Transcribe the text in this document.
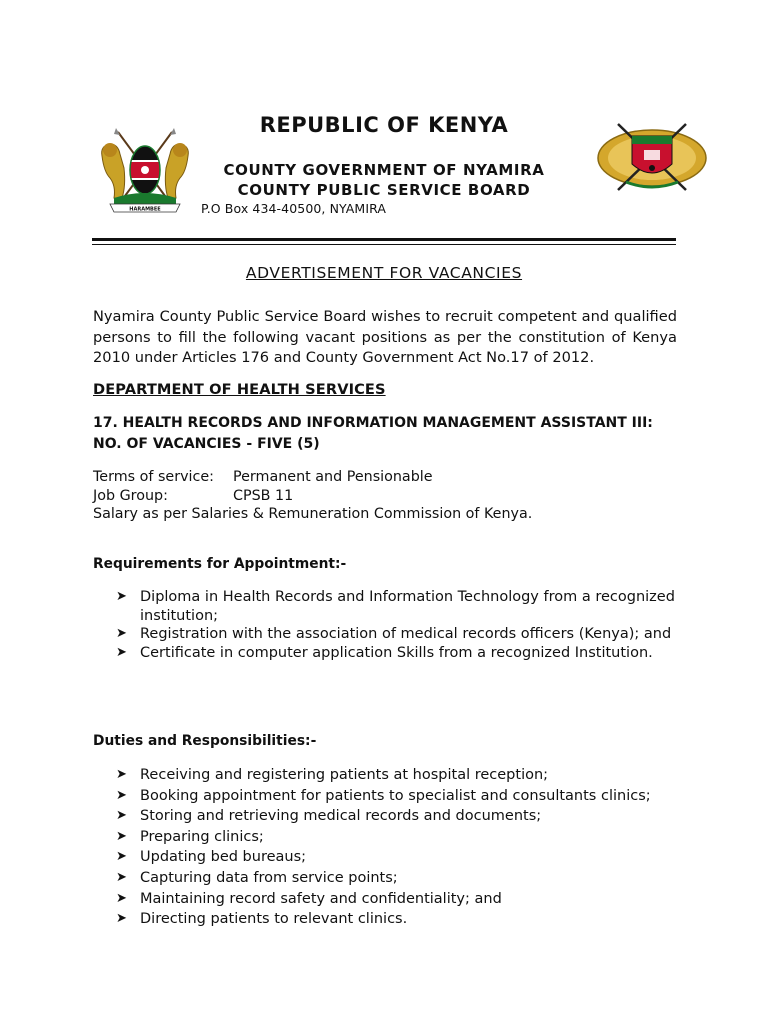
HARAMBEE
REPUBLIC OF KENYA
COUNTY GOVERNMENT OF NYAMIRA
COUNTY PUBLIC SERVICE BOARD
P.O Box 434-40500, NYAMIRA
ADVERTISEMENT FOR VACANCIES
Nyamira County Public Service Board wishes to recruit competent and qualified persons to fill the following vacant positions as per the constitution of Kenya 2010 under Articles 176 and County Government Act No.17 of 2012.
DEPARTMENT OF HEALTH SERVICES
17. HEALTH RECORDS AND INFORMATION MANAGEMENT ASSISTANT III: NO. OF VACANCIES - FIVE (5)
Terms of service:	Permanent and Pensionable
Job Group:	CPSB 11
Salary as per Salaries & Remuneration Commission of Kenya.
Requirements for Appointment:-
➤ Diploma in Health Records and Information Technology from a recognized institution;
➤ Registration with the association of medical records officers (Kenya); and
➤ Certificate in computer application Skills from a recognized Institution.
Duties and Responsibilities:-
➤ Receiving and registering patients at hospital reception;
➤ Booking appointment for patients to specialist and consultants clinics;
➤ Storing and retrieving medical records and documents;
➤ Preparing clinics;
➤ Updating bed bureaus;
➤ Capturing data from service points;
➤ Maintaining record safety and confidentiality; and
➤ Directing patients to relevant clinics.
